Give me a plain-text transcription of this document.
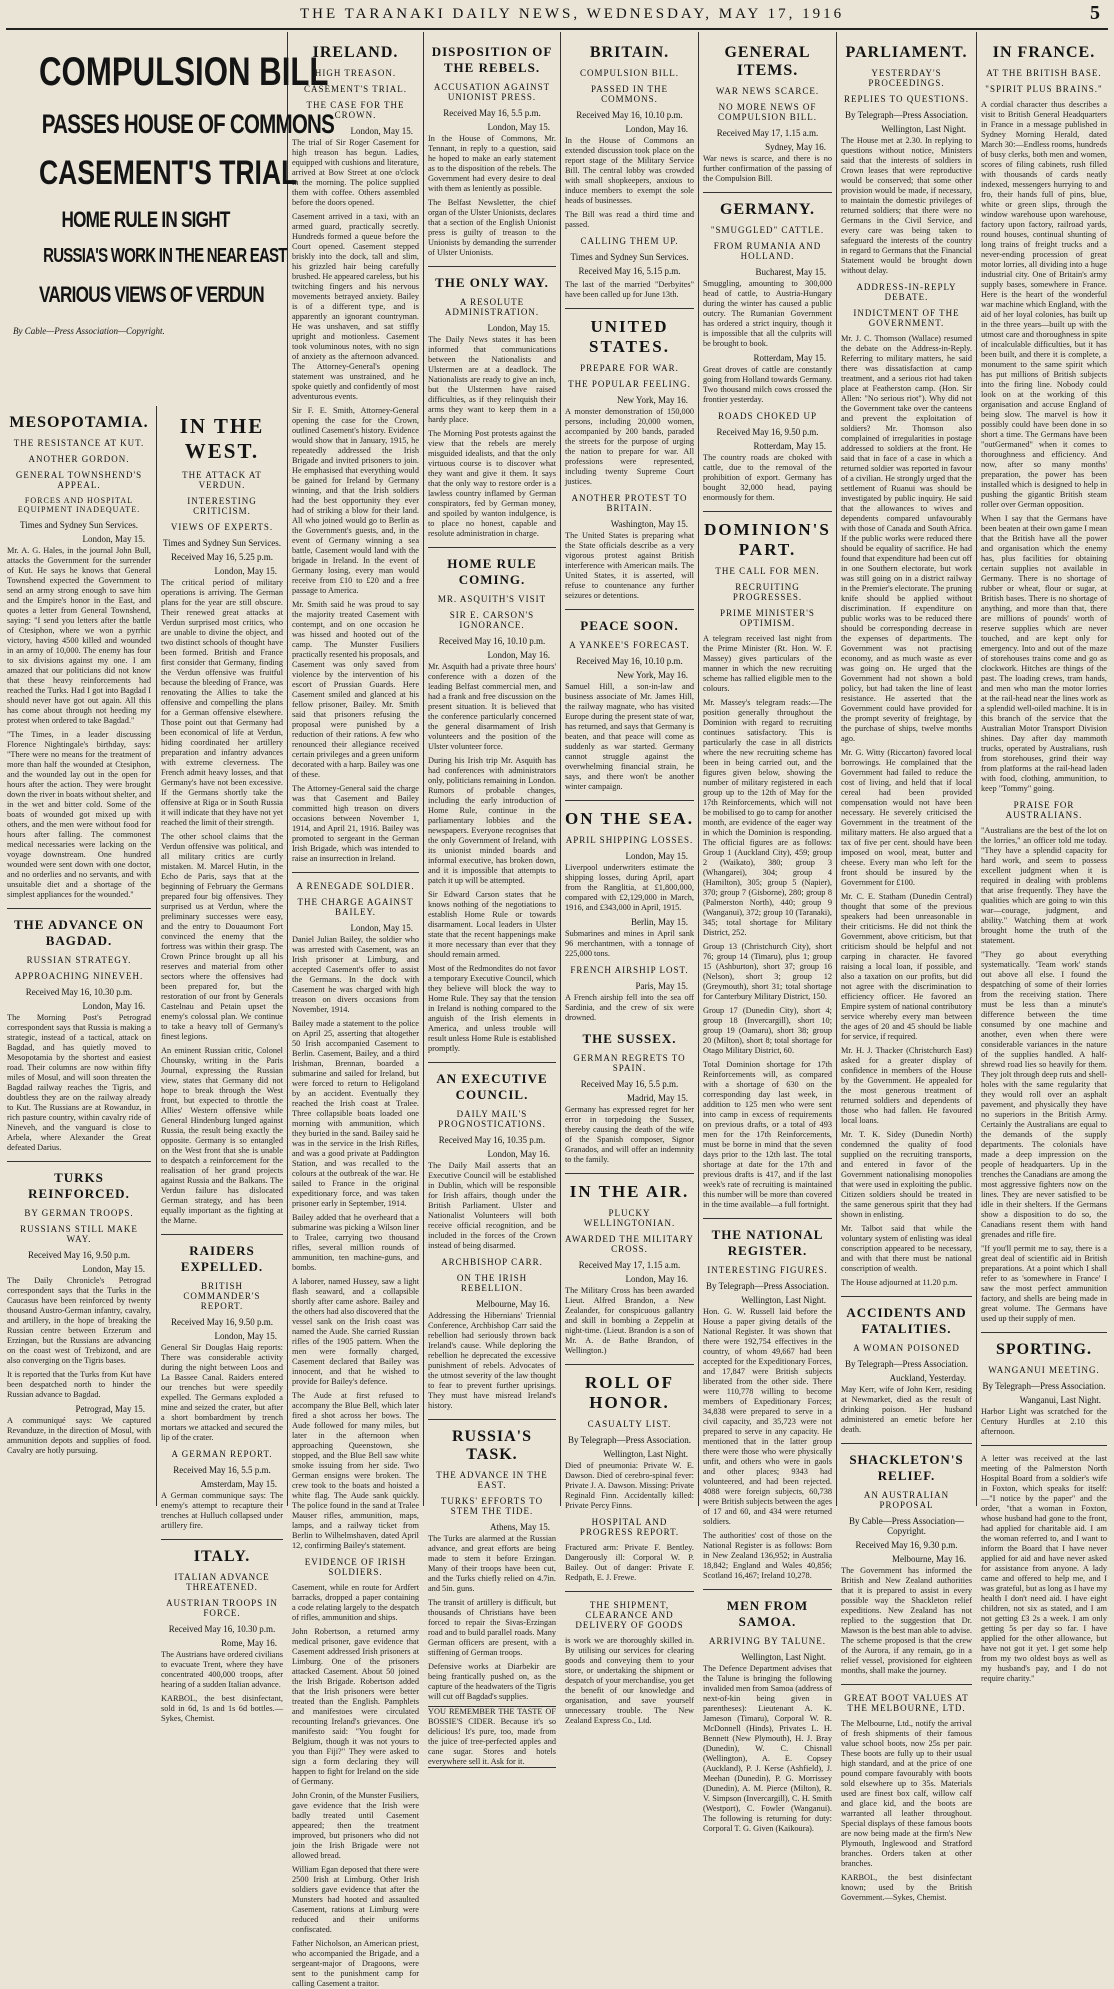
THE TARANAKI DAILY NEWS, WEDNESDAY, MAY 17, 1916	5
COMPULSION BILL
PASSES HOUSE OF COMMONS
CASEMENT'S TRIAL
HOME RULE IN SIGHT
RUSSIA'S WORK IN THE NEAR EAST
VARIOUS VIEWS OF VERDUN
By Cable—Press Association—Copyright.
MESOPOTAMIA.
THE RESISTANCE AT KUT.
ANOTHER GORDON.
GENERAL TOWNSHEND'S APPEAL.
FORCES AND HOSPITAL EQUIPMENT INADEQUATE.
Times and Sydney Sun Services.
London, May 15.

Mr. A. G. Hales, in the journal John Bull, attacks the Government for the surrender of Kut. He says he knows that General Townshend expected the Government to send an army strong enough to save him and the Empire's honor in the East, and quotes a letter from General Townshend, saying: "I send you letters after the battle of Ctesiphon, where we won a pyrrhic victory, having 4500 killed and wounded in an army of 10,000. The enemy has four to six divisions against my one. I am amazed that our politicians did not know that these heavy reinforcements had reached the Turks. Had I got into Bagdad I should never have got out again. All this has come about through not heeding my protest when ordered to take Bagdad."

"The Times, in a leader discussing Florence Nightingale's birthday, says: "There were no means for the treatment of more than half the wounded at Ctesiphon, and the wounded lay out in the open for hours after the action. They were brought down the river in boats without shelter, and in the wet and bitter cold. Some of the boats of wounded got mixed up with others, and the men were without food for hours after falling. The commonest medical necessaries were lacking on the voyage downstream. One hundred wounded were sent down with one doctor, and no orderlies and no servants, and with unsuitable diet and a shortage of the simplest appliances for the wounded."

THE ADVANCE ON BAGDAD.
RUSSIAN STRATEGY.
APPROACHING NINEVEH.
Received May 16, 10.30 p.m.
London, May 16.

The Morning Post's Petrograd correspondent says that Russia is making a strategic, instead of a tactical, attack on Bagdad, and has quietly moved to Mesopotamia by the shortest and easiest road. Their columns are now within fifty miles of Mosul, and will soon threaten the Bagdad railway reaches the Tigris, and doubtless they are on the railway already to Kut. The Russians are at Rowanduz, in rich pasture country, within cavalry ride of Nineveh, and the vanguard is close to Arbela, where Alexander the Great defeated Darius.

TURKS REINFORCED.
BY GERMAN TROOPS.
RUSSIANS STILL MAKE WAY.
Received May 16, 9.50 p.m.
London, May 15.

The Daily Chronicle's Petrograd correspondent says that the Turks in the Caucasus have been reinforced by twenty thousand Austro-German infantry, cavalry, and artillery, in the hope of breaking the Russian centre between Erzerum and Erzingan, but the Russians are advancing on the coast west of Trebizond, and are also converging on the Tigris bases.

It is reported that the Turks from Kut have been despatched north to hinder the Russian advance to Bagdad.

Petrograd, May 15.

A communiqué says: We captured Revanduze, in the direction of Mosul, with ammunition depots and supplies of food. Cavalry are hotly pursuing.

IN THE WEST.
THE ATTACK AT VERDUN.
INTERESTING CRITICISM.
VIEWS OF EXPERTS.
Times and Sydney Sun Services.
Received May 16, 5.25 p.m.
London, May 15.

The critical period of military operations is arriving. The German plans for the year are still obscure. Their renewed great attacks at Verdun surprised most critics, who are unable to divine the object, and two distinct schools of thought have been formed. British and France first consider that Germany, finding the Verdun offensive was fruitful because the bleeding of France, was renovating the Allies to take the offensive and compelling the plans for a German offensive elsewhere. Those point out that Germany had been economical of life at Verdun, hiding coordinated her artillery preparation and infantry advances with extreme cleverness. The French admit heavy losses, and that Germany's have not been excessive. If the Germans shortly take the offensive at Riga or in South Russia it will indicate that they have not yet reached the limit of their strength.

The other school claims that the Verdun offensive was political, and all military critics are curtly mistaken. M. Marcel Hutin, in the Echo de Paris, says that at the beginning of February the Germans prepared four big offensives. They surprised us at Verdun, where the preliminary successes were easy, and the entry to Douaumont Fort convinced the enemy that the fortress was within their grasp. The Crown Prince brought up all his reserves and material from other sectors where the offensives had been prepared for, but the restoration of our front by Generals Castelnau and Petain upset the enemy's colossal plan. We continue to take a heavy toll of Germany's finest legions.

An eminent Russian critic, Colonel Chounsky, writing in the Paris Journal, expressing the Russian view, states that Germany did not hope to break through the West front, but expected to throttle the Allies' Western offensive while General Hindenburg lunged against Russia, the result being exactly the opposite. Germany is so entangled on the West front that she is unable to despatch a reinforcement for the realisation of her grand projects against Russia and the Balkans. The Verdun failure has dislocated German strategy, and has been equally important as the fighting at the Marne.

RAIDERS EXPELLED.
BRITISH COMMANDER'S REPORT.
Received May 16, 9.50 p.m.
London, May 15.

General Sir Douglas Haig reports: There was considerable activity during the night between Loos and La Bassee Canal. Raiders entered our trenches but were speedily expelled. The Germans exploded a mine and seized the crater, but after a short bombardment by trench mortars we attacked and secured the lip of the crater.

A GERMAN REPORT.
Received May 16, 5.5 p.m.
Amsterdam, May 15.

A German communique says: The enemy's attempt to recapture their trenches at Hulluch collapsed under artillery fire.

ITALY.
ITALIAN ADVANCE THREATENED.
AUSTRIAN TROOPS IN FORCE.
Received May 16, 10.30 p.m.
Rome, May 16.

The Austrians have ordered civilians to evacuate Trent, where they have concentrated 400,000 troops, after hearing of a sudden Italian advance.

KARBOL, the best disinfectant, sold in 6d, 1s and 1s 6d bottles.—Sykes, Chemist.

IRELAND.
HIGH TREASON.
CASEMENT'S TRIAL.
THE CASE FOR THE CROWN.
London, May 15.

The trial of Sir Roger Casement for high treason has begun. Ladies, equipped with cushions and literature, arrived at Bow Street at one o'clock in the morning. The police supplied them with coffee. Others assembled before the doors opened.

Casement arrived in a taxi, with an armed guard, practically secretly. Hundreds formed a queue before the Court opened. Casement stepped briskly into the dock, tall and slim, his grizzled hair being carefully brushed. He appeared careless, but his twitching fingers and his nervous movements betrayed anxiety. Bailey is of a different type, and is apparently an ignorant countryman. He was unshaven, and sat stiffly upright and motionless. Casement took voluminous notes, with no sign of anxiety as the afternoon advanced. The Attorney-General's opening statement was unstrained, and he spoke quietly and confidently of most adventurous events.

Sir F. E. Smith, Attorney-General opening the case for the Crown, outlined Casement's history. Evidence would show that in January, 1915, he repeatedly addressed the Irish Brigade and invited prisoners to join. He emphasised that everything would be gained for Ireland by Germany winning, and that the Irish soldiers had the best opportunity they ever had of striking a blow for their land. All who joined would go to Berlin as the Government's guests, and, in the event of Germany winning a sea battle, Casement would land with the brigade in Ireland. In the event of Germany losing, every man would receive from £10 to £20 and a free passage to America.

Mr. Smith said he was proud to say the majority treated Casement with contempt, and on one occasion he was hissed and hooted out of the camp. The Munster Fusiliers practically resented his proposals, and Casement was only saved from violence by the intervention of his escort of Prussian Guards. Here Casement smiled and glanced at his fellow prisoner, Bailey. Mr. Smith said that prisoners refusing the proposal were punished by a reduction of their rations. A few who renounced their allegiance received certain privileges and a green uniform decorated with a harp. Bailey was one of these.

The Attorney-General said the charge was that Casement and Bailey committed high treason on divers occasions between November 1, 1914, and April 21, 1916. Bailey was promoted to sergeant in the German Irish Brigade, which was intended to raise an insurrection in Ireland.

A RENEGADE SOLDIER.
THE CHARGE AGAINST BAILEY.
London, May 15.

Daniel Julian Bailey, the soldier who was arrested with Casement, was an Irish prisoner at Limburg, and accepted Casement's offer to assist the Germans. In the dock with Casement he was charged with high treason on divers occasions from November, 1914.

Bailey made a statement to the police on April 25, asserting that altogether 50 Irish accompanied Casement to Berlin. Casement, Bailey, and a third Irishman, Brennan, boarded a submarine and sailed for Ireland, but were forced to return to Heligoland by an accident. Eventually they reached the Irish coast at Tralee. Three collapsible boats loaded one morning with ammunition, which they buried in the sand. Bailey said he was in the service in the Irish Rifles, and was a good private at Paddington Station, and was recalled to the colours at the outbreak of the war. He sailed to France in the original expeditionary force, and was taken prisoner early in September, 1914.

Bailey added that he overheard that a submarine was picking a Wilson liner to Tralee, carrying two thousand rifles, several million rounds of ammunition, ten machine-guns, and bombs.

A laborer, named Hussey, saw a light flash seaward, and a collapsible shortly after came ashore. Bailey and the others had also discovered that the vessel sank on the Irish coast was named the Aude. She carried Russian rifles of the 1905 pattern. When the men were formally charged, Casement declared that Bailey was innocent, and that he wished to provide for Bailey's defence.

The Aude at first refused to accompany the Blue Bell, which later fired a shot across her bows. The Aude followed for many miles, but later in the afternoon when approaching Queenstown, she stopped, and the Blue Bell saw white smoke issuing from her side. Two German ensigns were broken. The crew took to the boats and hoisted a white flag. The Aude sank quickly. The police found in the sand at Tralee Mauser rifles, ammunition, maps, lamps, and a railway ticket from Berlin to Wilhelmshaven, dated April 12, confirming Bailey's statement.

EVIDENCE OF IRISH SOLDIERS.

Casement, while en route for Ardfert barracks, dropped a paper containing a code relating largely to the despatch of rifles, ammunition and ships.

John Robertson, a returned army medical prisoner, gave evidence that Casement addressed Irish prisoners at Limburg. One of the prisoners attacked Casement. About 50 joined the Irish Brigade. Robertson added that the Irish prisoners were better treated than the English. Pamphlets and manifestoes were circulated recounting Ireland's grievances. One manifesto said: "You fought for Belgium, though it was not yours to you than Fiji?" They were asked to sign a form declaring they will happen to fight for Ireland on the side of Germany.

John Cronin, of the Munster Fusiliers, gave evidence that the Irish were badly treated until Casement appeared; then the treatment improved, but prisoners who did not join the Irish Brigade were not allowed bread.

William Egan deposed that there were 2500 Irish at Limburg. Other Irish soldiers gave evidence that after the Munsters had hooted and assaulted Casement, rations at Limburg were reduced and their uniforms confiscated.

Father Nicholson, an American priest, who accompanied the Brigade, and a sergeant-major of Dragoons, were sent to the punishment camp for calling Casement a traitor.

DISPOSITION OF THE REBELS.
ACCUSATION AGAINST UNIONIST PRESS.
Received May 16, 5.5 p.m.
London, May 15.

In the House of Commons, Mr. Tennant, in reply to a question, said he hoped to make an early statement as to the disposition of the rebels. The Government had every desire to deal with them as leniently as possible.

The Belfast Newsletter, the chief organ of the Ulster Unionists, declares that a section of the English Unionist press is guilty of treason to the Unionists by demanding the surrender of Ulster Unionists.

THE ONLY WAY.
A RESOLUTE ADMINISTRATION.
London, May 15.

The Daily News states it has been informed that communications between the Nationalists and Ulstermen are at a deadlock. The Nationalists are ready to give an inch, but the Ulstermen have raised difficulties, as if they relinquish their arms they want to keep them in a hardy place.

The Morning Post protests against the view that the rebels are merely misguided idealists, and that the only virtuous course is to discover what they want and give it them. It says that the only way to restore order is a lawless country inflamed by German conspirators, fed by German money, and spoiled by wanton indulgence, is to place no honest, capable and resolute administration in charge.

HOME RULE COMING.
MR. ASQUITH'S VISIT
SIR E. CARSON'S IGNORANCE.
Received May 16, 10.10 p.m.
London, May 16.

Mr. Asquith had a private three hours' conference with a dozen of the leading Belfast commercial men, and had a frank and free discussion on the present situation. It is believed that the conference particularly concerned the general disarmament of Irish volunteers and the position of the Ulster volunteer force.

During his Irish trip Mr. Asquith has had conferences with administrators only, politicians remaining in London. Rumors of probable changes, including the early introduction of Home Rule, continue in the parliamentary lobbies and the newspapers. Everyone recognises that the only Government of Ireland, with its unionist minded boards and informal executive, has broken down, and it is impossible that attempts to patch it up will be attempted.

Sir Edward Carson states that he knows nothing of the negotiations to establish Home Rule or towards disarmament. Local leaders in Ulster state that the recent happenings make it more necessary than ever that they should remain armed.

Most of the Redmondites do not favor a temporary Executive Council, which they believe will block the way to Home Rule. They say that the tension in Ireland is nothing compared to the anguish of the Irish elements in America, and unless trouble will result unless Home Rule is established promptly.

AN EXECUTIVE COUNCIL.
DAILY MAIL'S PROGNOSTICATIONS.
Received May 16, 10.35 p.m.
London, May 16.

The Daily Mail asserts that an Executive Council will be established in Dublin, which will be responsible for Irish affairs, though under the British Parliament. Ulster and Nationalist Volunteers will both receive official recognition, and be included in the forces of the Crown instead of being disarmed.

ARCHBISHOP CARR.
ON THE IRISH REBELLION.
Melbourne, May 16.

Addressing the Hibernians' Triennial Conference, Archbishop Carr said the rebellion had seriously thrown back Ireland's cause. While deploring the rebellion he deprecated the excessive punishment of rebels. Advocates of the utmost severity of the law thought to fear to prevent further uprisings. They must have misread Ireland's history.

RUSSIA'S TASK.
THE ADVANCE IN THE EAST.
TURKS' EFFORTS TO STEM THE TIDE.
Athens, May 15.

The Turks are alarmed at the Russian advance, and great efforts are being made to stem it before Erzingan. Many of their troops have been cut, and the Turks chiefly relied on 4.7in. and 5in. guns.

The transit of artillery is difficult, but thousands of Christians have been forced to repair the Sivas-Erzingan road and to build parallel roads. Many German officers are present, with a stiffening of German troops.

Defensive works at Diarbekir are being frantically pushed on, as the capture of the headwaters of the Tigris will cut off Bagdad's supplies.

YOU REMEMBER THE TASTE OF BOSSIE'S CIDER. Because it's so delicious! It's pure, too, made from the juice of tree-perfected apples and cane sugar. Stores and hotels everywhere sell it. Ask for it.

BRITAIN.
COMPULSION BILL.
PASSED IN THE COMMONS.
Received May 16, 10.10 p.m.
London, May 16.

In the House of Commons an extended discussion took place on the report stage of the Military Service Bill. The central lobby was crowded with small shopkeepers, anxious to induce members to exempt the sole heads of businesses.

The Bill was read a third time and passed.

CALLING THEM UP.
Times and Sydney Sun Services.
Received May 16, 5.15 p.m.

The last of the married "Derbyites" have been called up for June 13th.

UNITED STATES.
PREPARE FOR WAR.
THE POPULAR FEELING.
New York, May 16.

A monster demonstration of 150,000 persons, including 20,000 women, accompanied by 200 bands, paraded the streets for the purpose of urging the nation to prepare for war. All professions were represented, including twenty Supreme Court justices.

ANOTHER PROTEST TO BRITAIN.
Washington, May 15.

The United States is preparing what the State officials describe as a very vigorous protest against British interference with American mails. The United States, it is asserted, will refuse to countenance any further seizures or detentions.

PEACE SOON.
A YANKEE'S FORECAST.
Received May 16, 10.10 p.m.
New York, May 16.

Samuel Hill, a son-in-law and business associate of Mr. James Hill, the railway magnate, who has visited Europe during the present state of war, has returned, and says that Germany is beaten, and that peace will come as suddenly as war started. Germany cannot struggle against the overwhelming financial strain, he says, and there won't be another winter campaign.

ON THE SEA.
APRIL SHIPPING LOSSES.
London, May 15.

Liverpool underwriters estimate the shipping losses, during April, apart from the Ranglitia, at £1,800,000, compared with £2,129,000 in March, 1916, and £343,000 in April, 1915.

Berlin, May 15.

Submarines and mines in April sank 96 merchantmen, with a tonnage of 225,000 tons.

FRENCH AIRSHIP LOST.
Paris, May 15.

A French airship fell into the sea off Sardinia, and the crew of six were drowned.

THE SUSSEX.
GERMAN REGRETS TO SPAIN.
Received May 16, 5.5 p.m.
Madrid, May 15.

Germany has expressed regret for her error in torpedoing the Sussex, thereby causing the death of the wife of the Spanish composer, Signor Granados, and will offer an indemnity to the family.

IN THE AIR.
PLUCKY WELLINGTONIAN.
AWARDED THE MILITARY CROSS.
Received May 17, 1.15 a.m.
London, May 16.

The Military Cross has been awarded Lieut. Alfred Brandon, a New Zealander, for conspicuous gallantry and skill in bombing a Zeppelin at night-time. (Lieut. Brandon is a son of Mr. A. de Bathe Brandon, of Wellington.)

ROLL OF HONOR.
CASUALTY LIST.
By Telegraph—Press Association.
Wellington, Last Night.

Died of pneumonia: Private W. E. Dawson. Died of cerebro-spinal fever: Private J. A. Dawson. Missing: Private Reginald Finn. Accidentally killed: Private Percy Finns.

HOSPITAL AND PROGRESS REPORT.

Fractured arm: Private F. Bentley. Dangerously ill: Corporal W. P. Bailey. Out of danger: Private F. Redpath, E. J. Frewe.

THE SHIPMENT, CLEARANCE AND DELIVERY OF GOODS

is work we are thoroughly skilled in. By utilising our services for clearing goods and conveying them to your store, or undertaking the shipment or despatch of your merchandise, you get the benefit of our knowledge and organisation, and save yourself unnecessary trouble. The New Zealand Express Co., Ltd.

GENERAL ITEMS.
WAR NEWS SCARCE.
NO MORE NEWS OF COMPULSION BILL.
Received May 17, 1.15 a.m.
Sydney, May 16.

War news is scarce, and there is no further confirmation of the passing of the Compulsion Bill.

GERMANY.
"SMUGGLED" CATTLE.
FROM RUMANIA AND HOLLAND.
Bucharest, May 15.

Smuggling, amounting to 300,000 head of cattle, to Austria-Hungary during the winter has caused a public outcry. The Rumanian Government has ordered a strict inquiry, though it is impossible that all the culprits will be brought to book.

Rotterdam, May 15.

Great droves of cattle are constantly going from Holland towards Germany. Two thousand milch cows crossed the frontier yesterday.

ROADS CHOKED UP
Received May 16, 9.50 p.m.
Rotterdam, May 15.

The country roads are choked with cattle, due to the removal of the prohibition of export. Germany has bought 32,000 head, paying enormously for them.

DOMINION'S PART.
THE CALL FOR MEN.
RECRUITING PROGRESSES.
PRIME MINISTER'S OPTIMISM.

A telegram received last night from the Prime Minister (Rt. Hon. W. F. Massey) gives particulars of the manner in which the new recruiting scheme has rallied eligible men to the colours.

Mr. Massey's telegram reads:—The position generally throughout the Dominion with regard to recruiting continues satisfactory. This is particularly the case in all districts where the new recruiting scheme has been in being carried out, and the figures given below, showing the number of military registered in each group up to the 12th of May for the 17th Reinforcements, which will not be mobilised to go to camp for another month, are evidence of the eager way in which the Dominion is responding. The official figures are as follows: Group 1 (Auckland City), 459; group 2 (Waikato), 380; group 3 (Whangarei), 304; group 4 (Hamilton), 305; group 5 (Napier), 370; group 7 (Gisborne), 280; group 8 (Palmerston North), 440; group 9 (Wanganui), 372; group 10 (Taranaki), 345; total shortage for Military District, 252.

Group 13 (Christchurch City), short 76; group 14 (Timaru), plus 1; group 15 (Ashburton), short 37; group 16 (Nelson), short 3; group 12 (Greymouth), short 31; total shortage for Canterbury Military District, 150.

Group 17 (Dunedin City), short 4; group 18 (Invercargill), short 10; group 19 (Oamaru), short 38; group 20 (Milton), short 8; total shortage for Otago Military District, 60.

Total Dominion shortage for 17th Reinforcements will, as compared with a shortage of 630 on the corresponding day last week, in addition to 125 men who were sent into camp in excess of requirements on previous drafts, or a total of 493 men for the 17th Reinforcements, must be borne in mind that the seven days prior to the 12th last. The total shortage at date for the 17th and previous drafts is 417, and if the last week's rate of recruiting is maintained this number will be more than covered in the time available—a full fortnight.

THE NATIONAL REGISTER.
INTERESTING FIGURES.
By Telegraph—Press Association.
Wellington, Last Night.

Hon. G. W. Russell laid before the House a paper giving details of the National Register. It was shown that there were 192,754 effectives in the country, of whom 49,667 had been accepted for the Expeditionary Forces, and 17,847 were British subjects liberated from the other side. There were 110,778 willing to become members of Expeditionary Forces; 34,838 were prepared to serve in a civil capacity, and 35,723 were not prepared to serve in any capacity. He mentioned that in the latter group there were those who were physically unfit, and others who were in gaols and other places; 9343 had volunteered, and had been rejected. 4088 were foreign subjects, 60,738 were British subjects between the ages of 17 and 60, and 434 were returned soldiers.

The authorities' cost of those on the National Register is as follows: Born in New Zealand 136,952; in Australia 18,842; England and Wales 40,856; Scotland 16,467; Ireland 10,278.

MEN FROM SAMOA.
ARRIVING BY TALUNE.
Wellington, Last Night.

The Defence Department advises that the Talune is bringing the following invalided men from Samoa (address of next-of-kin being given in parentheses): Lieutenant A. K. Jameson (Timaru), Corporal W. R. McDonnell (Hinds), Privates L. H. Bennett (New Plymouth), H. J. Bray (Dunedin), W. C. Chisnall (Wellington), A. E. Copsey (Auckland), P. J. Kerse (Ashfield), J. Meehan (Dunedin), P. G. Morrissey (Dunedin), A. M. Pierce (Milton), R. V. Simpson (Invercargill), C. H. Smith (Westport), C. Fowler (Wanganui). The following is returning for duty: Corporal T. G. Given (Kaikoura).

PARLIAMENT.
YESTERDAY'S PROCEEDINGS.
REPLIES TO QUESTIONS.
By Telegraph—Press Association.
Wellington, Last Night.

The House met at 2.30. In replying to questions without notice, Ministers said that the interests of soldiers in Crown leases that were reproductive would be conserved; that some other provision would be made, if necessary, to maintain the domestic privileges of returned soldiers; that there were no Germans in the Civil Service, and every care was being taken to safeguard the interests of the country in regard to Germans that the Financial Statement would be brought down without delay.

ADDRESS-IN-REPLY DEBATE.
INDICTMENT OF THE GOVERNMENT.

Mr. J. C. Thomson (Wallace) resumed the debate on the Address-in-Reply. Referring to military matters, he said there was dissatisfaction at camp treatment, and a serious riot had taken place at Featherston camp. (Hon. Sir Allen: "No serious riot"). Why did not the Government take over the canteens and prevent the exploitation of soldiers? Mr. Thomson also complained of irregularities in postage addressed to soldiers at the front. He said that in face of a case in which a returned soldier was reported in favour of a civilian. He strongly urged that the settlement of Ruanui was should be investigated by public inquiry. He said that the allowances to wives and dependents compared unfavourably with those of Canada and South Africa. If the public works were reduced there should be equality of sacrifice. He had found that expenditure had been cut off in one Southern electorate, but work was still going on in a district railway in the Premier's electorate. The pruning knife should be applied without discrimination. If expenditure on public works was to be reduced there should be corresponding decrease in the expenses of departments. The Government was not practising economy, and as much waste as ever was going on. He urged that the Government had not shown a bold policy, but had taken the line of least resistance. He asserted that the Government could have provided for the prompt severity of freightage, by the purchase of ships, twelve months ago.

Mr. G. Witty (Riccarton) favored local borrowings. He complained that the Government had failed to reduce the cost of living, and held that if local cereal had been provided compensation would not have been necessary. He severely criticised the Government in the treatment of the military matters. He also argued that a tax of five per cent. should have been imposed on wool, meat, butter and cheese. Every man who left for the front should be insured by the Government for £100.

Mr. C. E. Statham (Dunedin Central) thought that some of the previous speakers had been unreasonable in their criticisms. He did not think the Government, above criticism, but that criticism should be helpful and not carping in character. He favored raising a local loan, if possible, and also a taxation on our profits, but did not agree with the discrimination to efficiency officer. He favored an Empire system of national contributory service whereby every man between the ages of 20 and 45 should be liable for service, if required.

Mr. H. J. Thacker (Christchurch East) asked for a greater display of confidence in members of the House by the Government. He appealed for the most generous treatment of returned soldiers and dependents of those who had fallen. He favoured local loans.

Mr. T. K. Sidey (Dunedin North) condemned the quality of food supplied on the recruiting transports, and entered in favor of the Government nationalising monopolies that were used in exploiting the public. Citizen soldiers should be treated in the same generous spirit that they had shown in enlisting.

Mr. Talbot said that while the voluntary system of enlisting was ideal conscription appeared to be necessary, and with that there must be national conscription of wealth.

The House adjourned at 11.20 p.m.

ACCIDENTS AND FATALITIES.
A WOMAN POISONED
By Telegraph—Press Association.
Auckland, Yesterday.

May Kerr, wife of John Kerr, residing at Newmarket, died as the result of drinking poison. Her husband administered an emetic before her death.

SHACKLETON'S RELIEF.
AN AUSTRALIAN PROPOSAL
By Cable—Press Association—Copyright.
Received May 16, 9.30 p.m.
Melbourne, May 16.

The Government has informed the British and New Zealand authorities that it is prepared to assist in every possible way the Shackleton relief expeditions. New Zealand has not replied to the suggestion that Dr. Mawson is the best man able to advise. The scheme proposed is that the crew of the Aurora, if any remain, go in a relief vessel, provisioned for eighteen months, shall make the journey.

GREAT BOOT VALUES AT THE MELBOURNE, LTD.

The Melbourne, Ltd., notify the arrival of fresh shipments of their famous value school boots, now 25s per pair. These boots are fully up to their usual high standard, and at the price of one pound compare favourably with boots sold elsewhere up to 35s. Materials used are finest box calf, willow calf and glace kid, and the boots are warranted all leather throughout. Special displays of these famous boots are now being made at the firm's New Plymouth, Inglewood and Stratford branches. Orders taken at other branches.

KARBOL, the best disinfectant known; used by the British Government.—Sykes, Chemist.

IN FRANCE.
AT THE BRITISH BASE.
"SPIRIT PLUS BRAINS."

A cordial character thus describes a visit to British General Headquarters in France in a message published in Sydney Morning Herald, dated March 30:—Endless rooms, hundreds of busy clerks, both men and women, scores of filing cabinets, rush filled with thousands of cards neatly indexed, messengers hurrying to and fro, their hands full of pins, blue, white or green slips, through the window warehouse upon warehouse, factory upon factory, railroad yards, round houses, continual shunting of long trains of freight trucks and a never-ending procession of great motor lorries, all dividing into a huge industrial city. One of Britain's army supply bases, somewhere in France. Here is the heart of the wonderful war machine which England, with the aid of her loyal colonies, has built up in the three years—built up with the utmost care and thoroughness in spite of incalculable difficulties, but it has been built, and there it is complete, a monument to the same spirit which has put millions of British subjects into the firing line. Nobody could look on at the working of this organisation and accuse England of being slow. The marvel is how it possibly could have been done in so short a time. The Germans have been "outGermaned" when it comes to thoroughness and efficiency. And now, after so many months' preparation, the power has been installed which is designed to help in pushing the gigantic British steam roller over German opposition.

When I say that the Germans have been beaten at their own game I mean that the British have all the power and organisation which the enemy has, plus facilities for obtaining certain supplies not available in Germany. There is no shortage of rubber or wheat, flour or sugar, at British bases. There is no shortage of anything, and more than that, there are millions of pounds' worth of reserve supplies which are never touched, and are kept only for emergency. Into and out of the maze of storehouses trains come and go as clockwork. Hitches are things of the past. The loading crews, tram hands, and men who man the motor lorries at the rail-head near the lines work as a splendid well-oiled machine. It is in this branch of the service that the Australian Motor Transport Division shines. Day after day mammoth trucks, operated by Australians, rush from storehouses, grind their way from platforms at the rail-head laden with food, clothing, ammunition, to keep "Tommy" going.

PRAISE FOR AUSTRALIANS.

"Australians are the best of the lot on the lorries," an officer told me today. "They have a splendid capacity for hard work, and seem to possess excellent judgment when it is required in dealing with problems that arise frequently. They have the qualities which are going to win this war—courage, judgment, and ability." Watching them at work brought home the truth of the statement.

"They go about everything systematically. 'Team work' stands out above all else. I found the despatching of some of their lorries from the receiving station. There must be less than a minute's difference between the time consumed by one machine and another, even when there were considerable variances in the nature of the supplies handled. A half-shrewd road lies so heavily for them. They jolt through deep ruts and shell-holes with the same regularity that they would roll over an asphalt pavement, and physically they have no superiors in the British Army. Certainly the Australians are equal to the demands of the supply departments. The colonials have made a deep impression on the people of headquarters. Up in the trenches the Canadians are among the most aggressive fighters now on the lines. They are never satisfied to be idle in their shelters. If the Germans show a disposition to do so, the Canadians resent them with hand grenades and rifle fire.

"If you'll permit me to say, there is a great deal of scientific aid in British preparations. At a point which I shall refer to as 'somewhere in France' I saw the most perfect ammunition factory, and shells are being made in great volume. The Germans have used up their supply of men.

SPORTING.
WANGANUI MEETING.
By Telegraph—Press Association.
Wanganui, Last Night.

Harbor Light was scratched for the Century Hurdles at 2.10 this afternoon.

A letter was received at the last meeting of the Palmerston North Hospital Board from a soldier's wife in Foxton, which speaks for itself:—"I notice by the paper" and the order, "that a woman in Foxton, whose husband had gone to the front, had applied for charitable aid. I am the woman referred to, and I want to inform the Board that I have never applied for aid and have never asked for assistance from anyone. A lady came and offered to help me, and I was grateful, but as long as I have my health I don't need aid. I have eight children, not six as stated, and I am not getting £3 2s a week. I am only getting 5s per day so far. I have applied for the other allowance, but have not got it yet. I get some help from my two oldest boys as well as my husband's pay, and I do not require charity."
